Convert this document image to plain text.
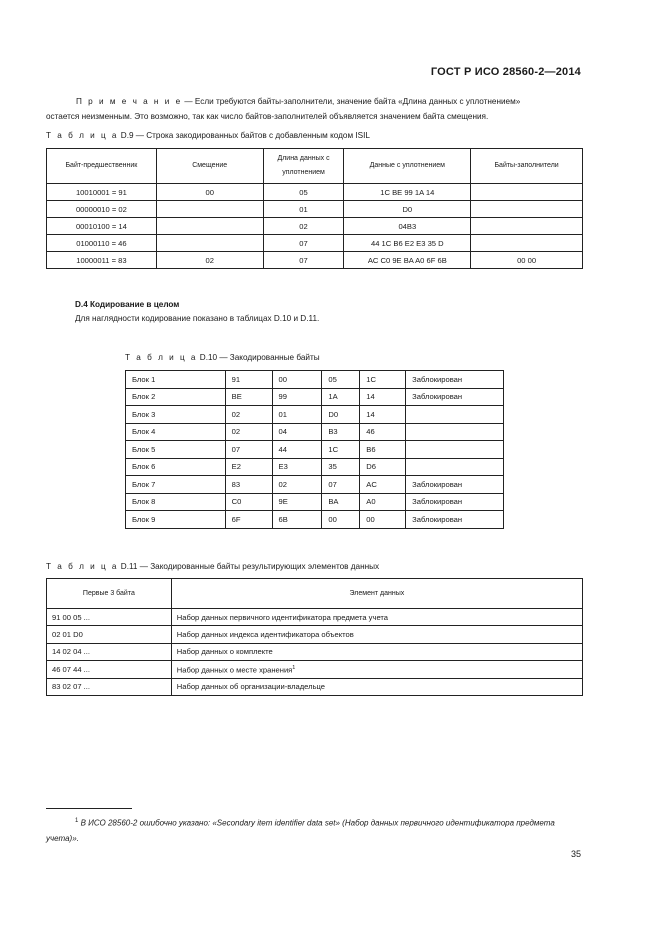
ГОСТ Р ИСО 28560-2—2014

П р и м е ч а н и е — Если требуются байты-заполнители, значение байта «Длина данных с уплотнением»

остается неизменным. Это возможно, так как число байтов-заполнителей объявляется значением байта смещения.

Т а б л и ц а D.9 — Строка закодированных байтов с добавленным кодом ISIL
Байт-предшественник	Смещение	Длина данных с уплотнением	Данные с уплотнением	Байты-заполнители
10010001 = 91	00	05	1C BE 99 1A 14	
00000010 = 02		01	D0	
00010100 = 14		02	04B3	
01000110 = 46		07	44 1C B6 E2 E3 35 D	
10000011 = 83	02	07	AC C0 9E BA A0 6F 6B	00 00
D.4 Кодирование в целом
Для наглядности кодирование показано в таблицах D.10 и D.11.
Т а б л и ц а D.10 — Закодированные байты
Блок 1	91	00	05	1C	Заблокирован
Блок 2	BE	99	1A	14	Заблокирован
Блок 3	02	01	D0	14	
Блок 4	02	04	B3	46	
Блок 5	07	44	1C	B6	
Блок 6	E2	E3	35	D6	
Блок 7	83	02	07	AC	Заблокирован
Блок 8	C0	9E	BA	A0	Заблокирован
Блок 9	6F	6B	00	00	Заблокирован
Т а б л и ц а D.11 — Закодированные байты результирующих элементов данных
Первые 3 байта	Элемент данных
91 00 05 ...	Набор данных первичного идентификатора предмета учета
02 01 D0	Набор данных индекса идентификатора объектов
14 02 04 ...	Набор данных о комплекте
46 07 44 ...	Набор данных о месте хранения$^1$
83 02 07 ...	Набор данных об организации-владельце
$^1$ В ИСО 28560-2 ошибочно указано: «Secondary item identifier data set» (Набор данных первичного идентификатора предмета учета)».
35
